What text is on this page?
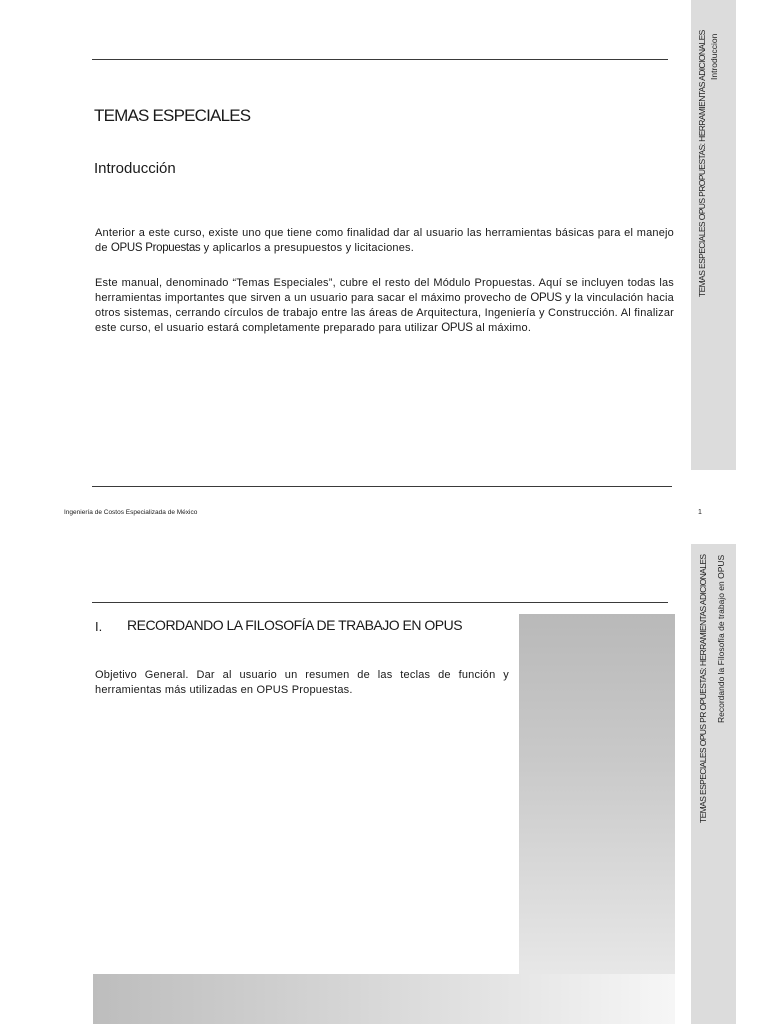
TEMAS ESPECIALES
Introducción

Anterior a este curso, existe uno que tiene como finalidad dar al usuario las herramientas básicas para el manejo de OPUS Propuestas y aplicarlos a presupuestos y licitaciones.

Este manual, denominado “Temas Especiales”, cubre el resto del Módulo Propuestas. Aquí se incluyen todas las herramientas importantes que sirven a un usuario para sacar el máximo provecho de OPUS y la vinculación hacia otros sistemas, cerrando círculos de trabajo entre las áreas de Arquitectura, Ingeniería y Construcción. Al finalizar este curso, el usuario estará completamente preparado para utilizar OPUS al máximo.

TEMAS ESPECIALES OPUS PROPUESTAS: HERRAMIENTAS ADICIONALES Introduccion
Ingeniería de Costos Especializada de México	1
I. RECORDANDO LA FILOSOFÍA DE TRABAJO EN OPUS

Objetivo General. Dar al usuario un resumen de las teclas de función y herramientas más utilizadas en OPUS Propuestas.	TEMAS ESPECIALES OPUS PR OPUESTAS: HERRAMIENTAS ADICIONALES Recordando la Filosofía de trabajo en OPUS
